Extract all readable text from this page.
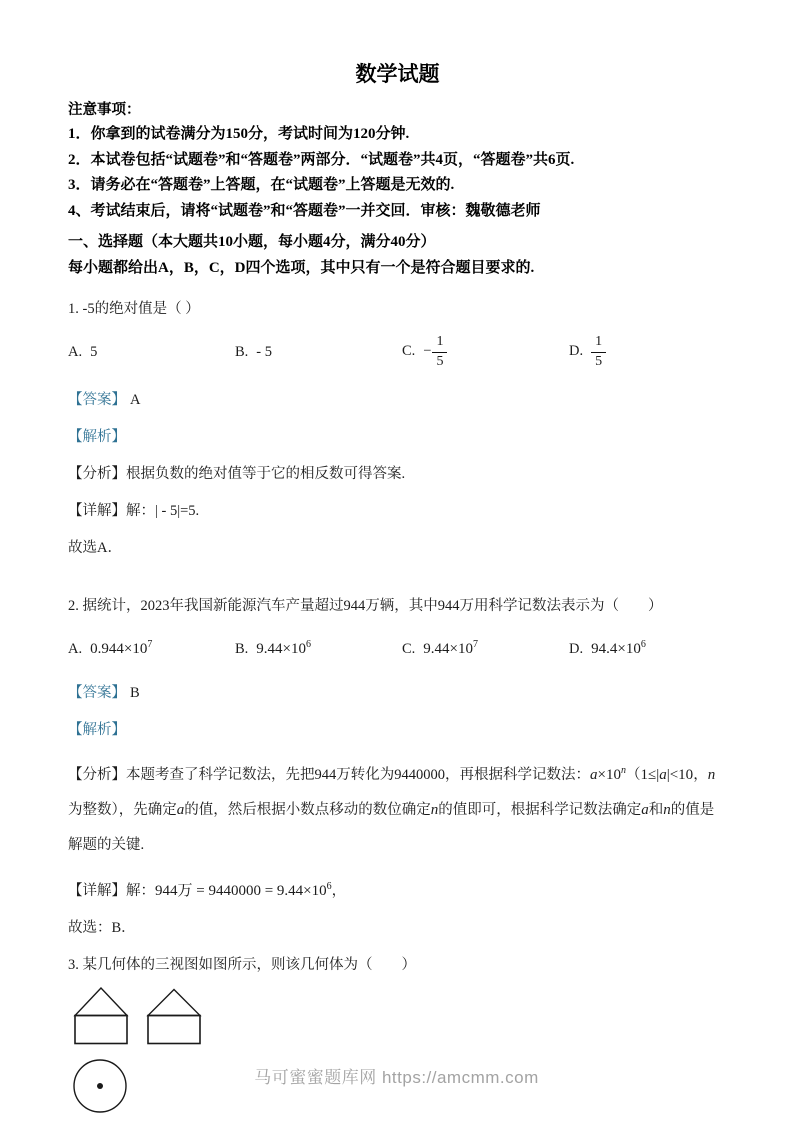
数学试题

注意事项：

1．你拿到的试卷满分为150分，考试时间为120分钟.

2．本试卷包括“试题卷”和“答题卷”两部分．“试题卷”共4页，“答题卷”共6页.

3．请务必在“答题卷”上答题，在“试题卷”上答题是无效的.

4、考试结束后，请将“试题卷”和“答题卷”一并交回．审核：魏敬德老师

一、选择题（本大题共10小题，每小题4分，满分40分）

每小题都给出A，B，C，D四个选项，其中只有一个是符合题目要求的.

1. -5的绝对值是（ ）

A. 5	B. - 5	C. − $\frac{1}{5}$	D. $\frac{1}{5}$

【答案】 A

【解析】

【分析】根据负数的绝对值等于它的相反数可得答案.

【详解】解：| - 5|=5.

故选A．

2. 据统计，2023年我国新能源汽车产量超过944万辆，其中944万用科学记数法表示为（　　）

A. $0.944\times 10^7$	B. $9.44\times 10^6$	C. $9.44\times 10^7$	D. $94.4\times 10^6$

【答案】 B

【解析】

【分析】本题考查了科学记数法，先把944万转化为9440000，再根据科学记数法：$a\times 10^n(1\le|a|<10$，n为整数），先确定a的值，然后根据小数点移动的数位确定n的值即可，根据科学记数法确定a和n的值是解题的关键.

【详解】解：944万 = $9440000 = 9.44\times 10^6$，

故选：B．

3. 某几何体的三视图如图所示，则该几何体为（　　）

马可蜜蜜题库网 https://amcmm.com
